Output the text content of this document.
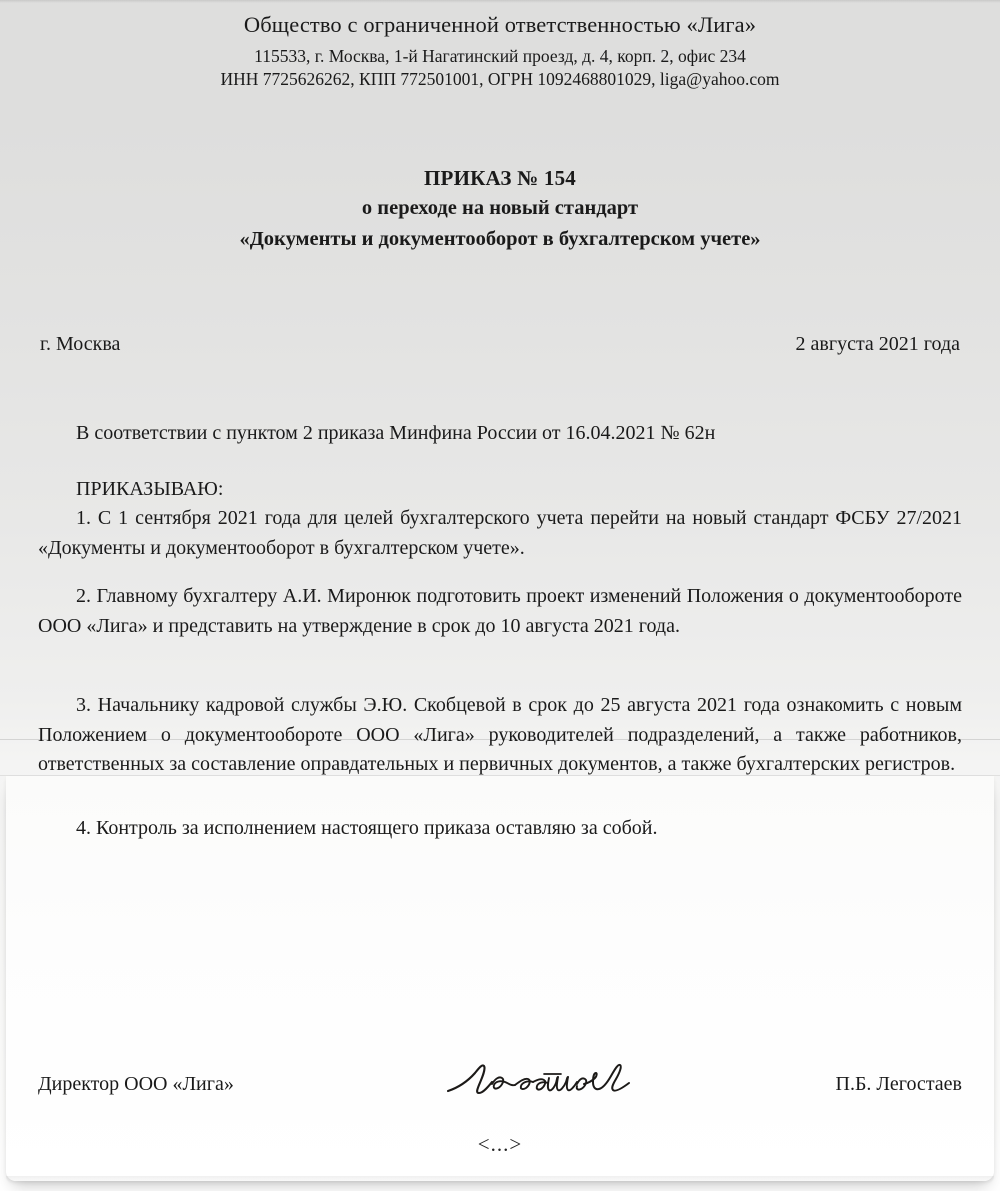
Общество с ограниченной ответственностью «Лига»
115533, г. Москва, 1-й Нагатинский проезд, д. 4, корп. 2, офис 234
ИНН 7725626262, КПП 772501001, ОГРН 1092468801029, liga@yahoo.com
ПРИКАЗ № 154
о переходе на новый стандарт
«Документы и документооборот в бухгалтерском учете»
г. Москва	2 августа 2021 года

В соответствии с пунктом 2 приказа Минфина России от 16.04.2021 № 62н

ПРИКАЗЫВАЮ:

1. С 1 сентября 2021 года для целей бухгалтерского учета перейти на новый стандарт ФСБУ 27/2021 «Документы и документооборот в бухгалтерском учете».

2. Главному бухгалтеру А.И. Миронюк подготовить проект изменений Положения о документообороте ООО «Лига» и представить на утверждение в срок до 10 августа 2021 года.

3. Начальнику кадровой службы Э.Ю. Скобцевой в срок до 25 августа 2021 года ознакомить с новым Положением о документообороте ООО «Лига» руководителей подразделений, а также работников, ответственных за составление оправдательных и первичных документов, а также бухгалтерских регистров.

4. Контроль за исполнением настоящего приказа оставляю за собой.

Директор ООО «Лига»	П.Б. Легостаев
<...>
